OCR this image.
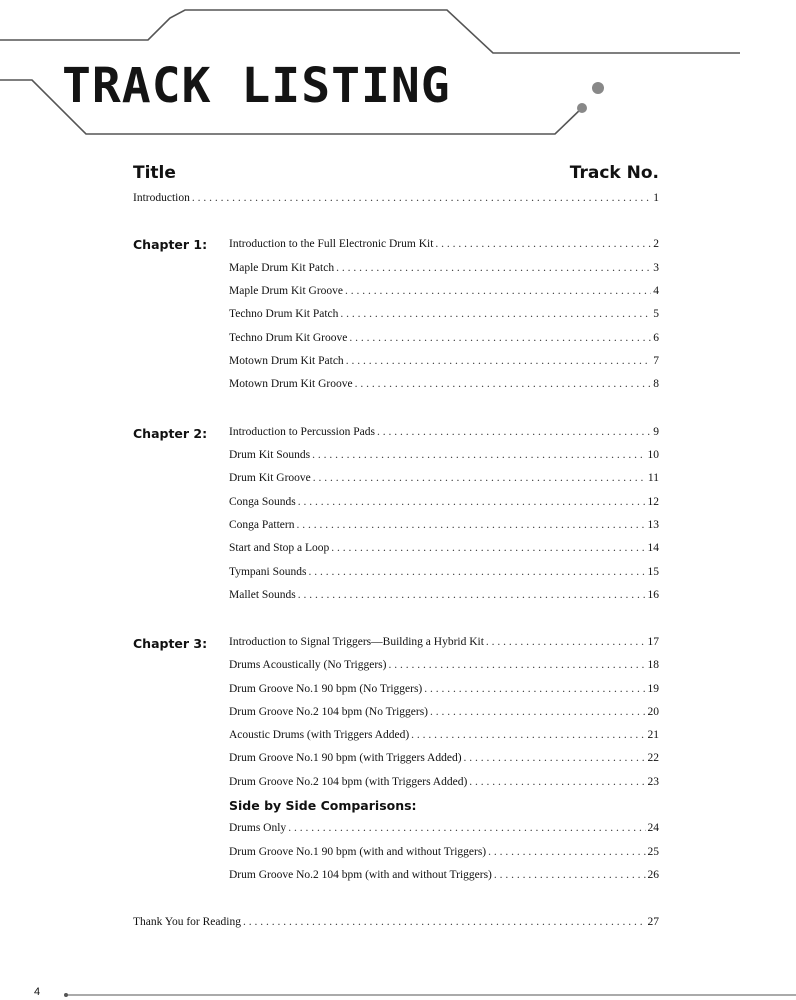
TRACK LISTING
Title	Track No.
Introduction . . .	1
Chapter 1: Introduction to the Full Electronic Drum Kit . . .	2
Maple Drum Kit Patch . . .	3
Maple Drum Kit Groove . . .	4
Techno Drum Kit Patch . . .	5
Techno Drum Kit Groove . . .	6
Motown Drum Kit Patch . . .	7
Motown Drum Kit Groove . . .	8
Chapter 2: Introduction to Percussion Pads . . .	9
Drum Kit Sounds . . .	10
Drum Kit Groove . . .	11
Conga Sounds . . .	12
Conga Pattern . . .	13
Start and Stop a Loop . . .	14
Tympani Sounds . . .	15
Mallet Sounds . . .	16
Chapter 3: Introduction to Signal Triggers—Building a Hybrid Kit . . .	17
Drums Acoustically (No Triggers) . . .	18
Drum Groove No.1 90 bpm (No Triggers) . . .	19
Drum Groove No.2 104 bpm (No Triggers) . . .	20
Acoustic Drums (with Triggers Added) . . .	21
Drum Groove No.1 90 bpm (with Triggers Added) . . .	22
Drum Groove No.2 104 bpm (with Triggers Added) . . .	23
Side by Side Comparisons:
Drums Only . . .	24
Drum Groove No.1 90 bpm (with and without Triggers) . . .	25
Drum Groove No.2 104 bpm (with and without Triggers) . . .	26
Thank You for Reading . . .	27
4
